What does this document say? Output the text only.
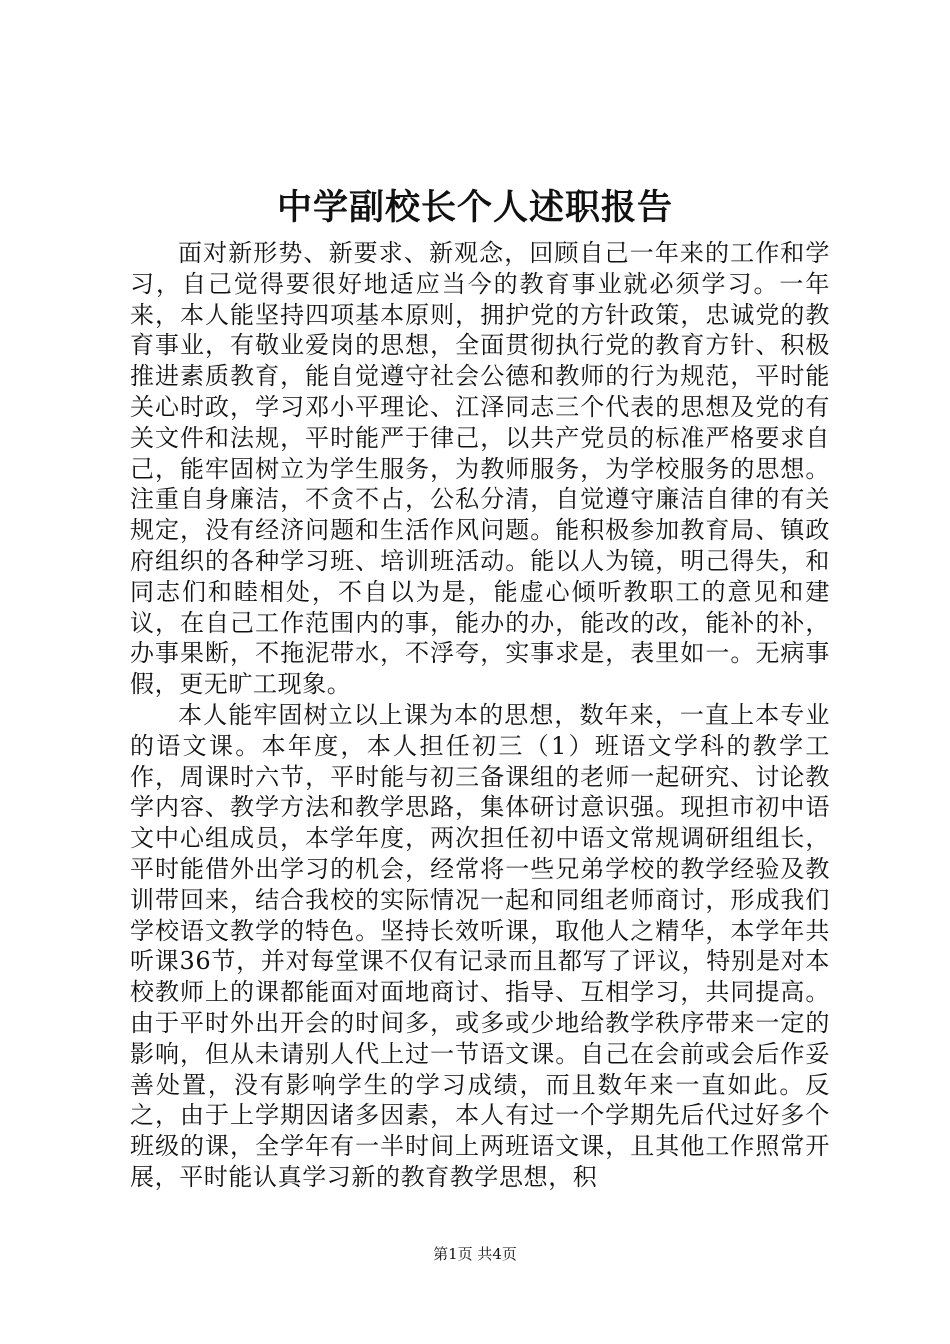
中学副校长个人述职报告

面对新形势、新要求、新观念，回顾自己一年来的工作和学习，自己觉得要很好地适应当今的教育事业就必须学习。一年来，本人能坚持四项基本原则，拥护党的方针政策，忠诚党的教育事业，有敬业爱岗的思想，全面贯彻执行党的教育方针、积极推进素质教育，能自觉遵守社会公德和教师的行为规范，平时能关心时政，学习邓小平理论、江泽同志三个代表的思想及党的有关文件和法规，平时能严于律己，以共产党员的标准严格要求自己，能牢固树立为学生服务，为教师服务，为学校服务的思想。注重自身廉洁，不贪不占，公私分清，自觉遵守廉洁自律的有关规定，没有经济问题和生活作风问题。能积极参加教育局、镇政府组织的各种学习班、培训班活动。能以人为镜，明己得失，和同志们和睦相处，不自以为是，能虚心倾听教职工的意见和建议，在自己工作范围内的事，能办的办，能改的改，能补的补，办事果断，不拖泥带水，不浮夸，实事求是，表里如一。无病事假，更无旷工现象。

本人能牢固树立以上课为本的思想，数年来，一直上本专业的语文课。本年度，本人担任初三（1）班语文学科的教学工作，周课时六节，平时能与初三备课组的老师一起研究、讨论教学内容、教学方法和教学思路，集体研讨意识强。现担市初中语文中心组成员，本学年度，两次担任初中语文常规调研组组长，平时能借外出学习的机会，经常将一些兄弟学校的教学经验及教训带回来，结合我校的实际情况一起和同组老师商讨，形成我们学校语文教学的特色。坚持长效听课，取他人之精华，本学年共听课36节，并对每堂课不仅有记录而且都写了评议，特别是对本校教师上的课都能面对面地商讨、指导、互相学习，共同提高。由于平时外出开会的时间多，或多或少地给教学秩序带来一定的影响，但从未请别人代上过一节语文课。自己在会前或会后作妥善处置，没有影响学生的学习成绩，而且数年来一直如此。反之，由于上学期因诸多因素，本人有过一个学期先后代过好多个班级的课，全学年有一半时间上两班语文课，且其他工作照常开展，平时能认真学习新的教育教学思想，积

第1页 共4页
